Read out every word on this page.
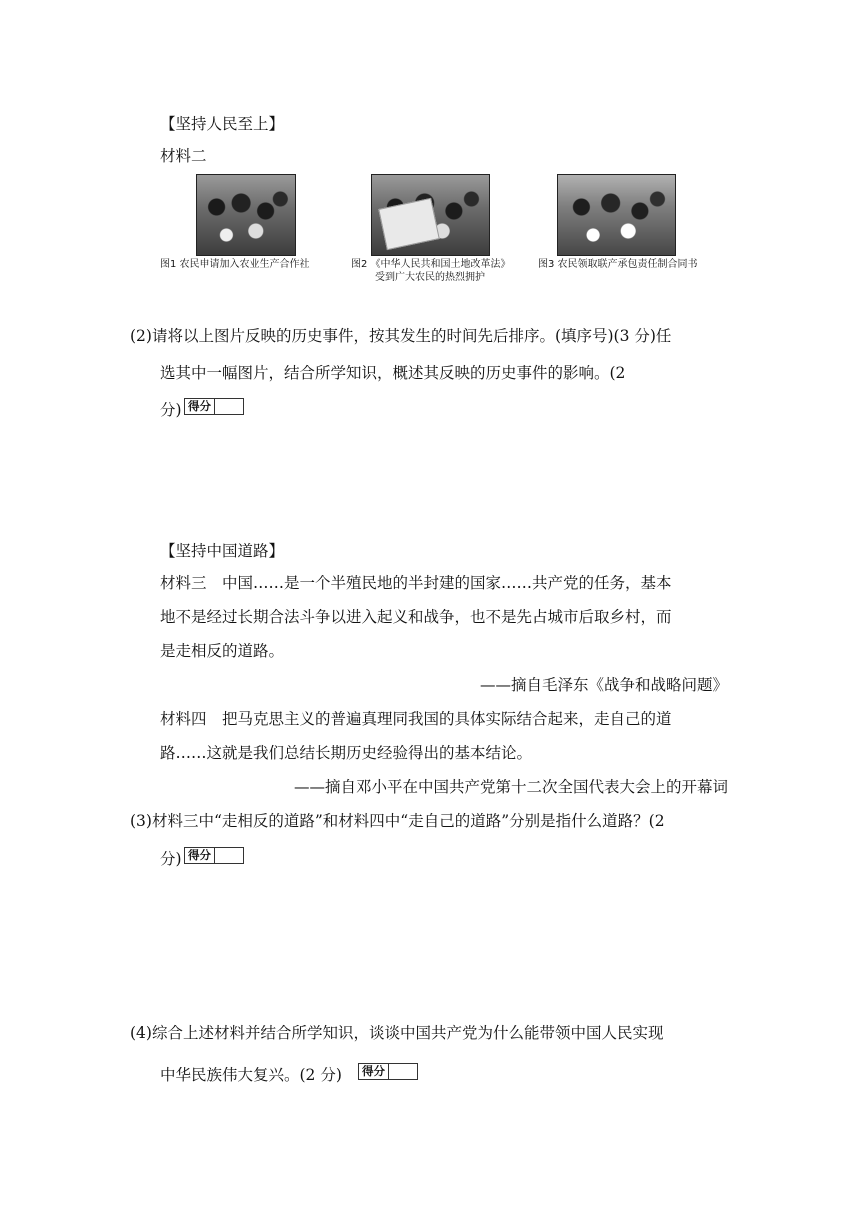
【坚持人民至上】
材料二
图1 农民申请加入农业生产合作社	图2 《中华人民共和国土地改革法》
受到广大农民的热烈拥护
图3 农民领取联产承包责任制合同书
(2)请将以上图片反映的历史事件，按其发生的时间先后排序。(填序号)(3 分)任
选其中一幅图片，结合所学知识，概述其反映的历史事件的影响。(2
分) 得分
【坚持中国道路】
材料三　中国……是一个半殖民地的半封建的国家……共产党的任务，基本
地不是经过长期合法斗争以进入起义和战争，也不是先占城市后取乡村，而
是走相反的道路。
——摘自毛泽东《战争和战略问题》
材料四　把马克思主义的普遍真理同我国的具体实际结合起来，走自己的道
路……这就是我们总结长期历史经验得出的基本结论。
——摘自邓小平在中国共产党第十二次全国代表大会上的开幕词
(3)材料三中“走相反的道路”和材料四中“走自己的道路”分别是指什么道路？(2
分) 得分
(4)综合上述材料并结合所学知识，谈谈中国共产党为什么能带领中国人民实现
中华民族伟大复兴。(2 分)	得分
